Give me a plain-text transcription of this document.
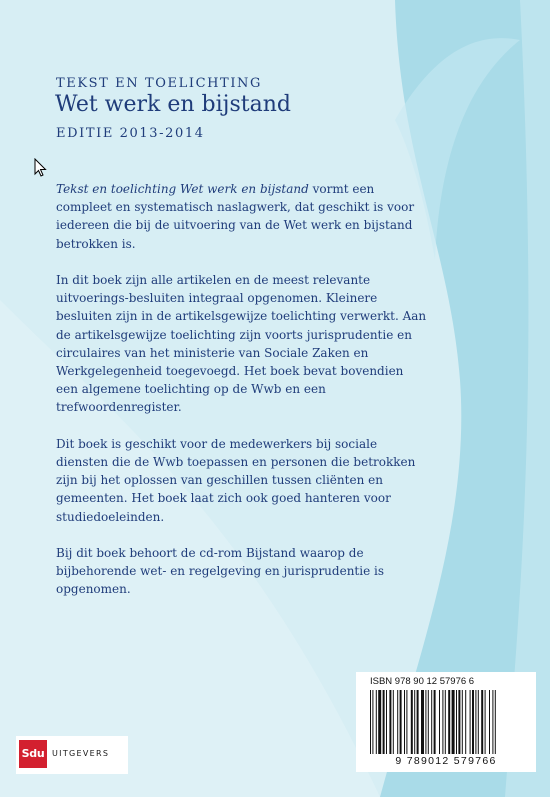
TEKST EN TOELICHTING
Wet werk en bijstand
EDITIE 2013-2014

Tekst en toelichting Wet werk en bijstand vormt een compleet en systematisch naslagwerk, dat geschikt is voor iedereen die bij de uitvoering van de Wet werk en bijstand betrokken is.

In dit boek zijn alle artikelen en de meest relevante uitvoerings-besluiten integraal opgenomen. Kleinere besluiten zijn in de artikelsgewijze toelichting verwerkt. Aan de artikelsgewijze toelichting zijn voorts jurisprudentie en circulaires van het ministerie van Sociale Zaken en Werkgelegenheid toegevoegd. Het boek bevat bovendien een algemene toelichting op de Wwb en een trefwoordenregister.

Dit boek is geschikt voor de medewerkers bij sociale diensten die de Wwb toepassen en personen die betrokken zijn bij het oplossen van geschillen tussen cliënten en gemeenten. Het boek laat zich ook goed hanteren voor studiedoeleinden.

Bij dit boek behoort de cd-rom Bijstand waarop de bijbehorende wet- en regelgeving en jurisprudentie is opgenomen.

ISBN 978 90 12 57976 6
9 789012 579766
Sdu UITGEVERS
